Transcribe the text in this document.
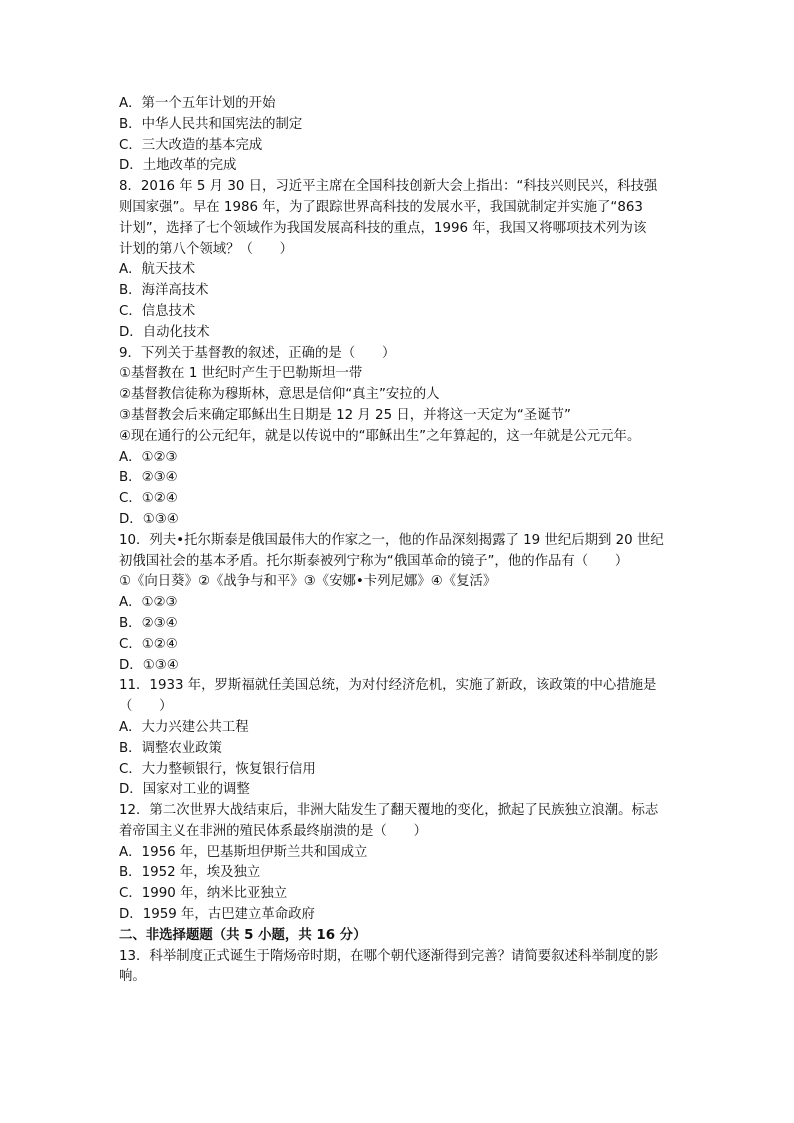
A．第一个五年计划的开始
B．中华人民共和国宪法的制定
C．三大改造的基本完成
D．土地改革的完成
8．2016 年 5 月 30 日，习近平主席在全国科技创新大会上指出：“科技兴则民兴，科技强
则国家强”。早在 1986 年，为了跟踪世界高科技的发展水平，我国就制定并实施了“863
计划”，选择了七个领域作为我国发展高科技的重点，1996 年，我国又将哪项技术列为该
计划的第八个领域？（　　）
A．航天技术
B．海洋高技术
C．信息技术
D．自动化技术
9．下列关于基督教的叙述，正确的是（　　）
①基督教在 1 世纪时产生于巴勒斯坦一带
②基督教信徒称为穆斯林，意思是信仰“真主”安拉的人
③基督教会后来确定耶稣出生日期是 12 月 25 日，并将这一天定为“圣诞节”
④现在通行的公元纪年，就是以传说中的“耶稣出生”之年算起的，这一年就是公元元年。
A．①②③
B．②③④
C．①②④
D．①③④
10．列夫•托尔斯泰是俄国最伟大的作家之一，他的作品深刻揭露了 19 世纪后期到 20 世纪
初俄国社会的基本矛盾。托尔斯泰被列宁称为“俄国革命的镜子”，他的作品有（　　）
①《向日葵》②《战争与和平》③《安娜•卡列尼娜》④《复活》
A．①②③
B．②③④
C．①②④
D．①③④
11．1933 年，罗斯福就任美国总统，为对付经济危机，实施了新政，该政策的中心措施是
（　　）
A．大力兴建公共工程
B．调整农业政策
C．大力整顿银行，恢复银行信用
D．国家对工业的调整
12．第二次世界大战结束后，非洲大陆发生了翻天覆地的变化，掀起了民族独立浪潮。标志
着帝国主义在非洲的殖民体系最终崩溃的是（　　）
A．1956 年，巴基斯坦伊斯兰共和国成立
B．1952 年，埃及独立
C．1990 年，纳米比亚独立
D．1959 年，古巴建立革命政府
二、非选择题题（共 5 小题，共 16 分）
13．科举制度正式诞生于隋炀帝时期，在哪个朝代逐渐得到完善？请简要叙述科举制度的影
响。
